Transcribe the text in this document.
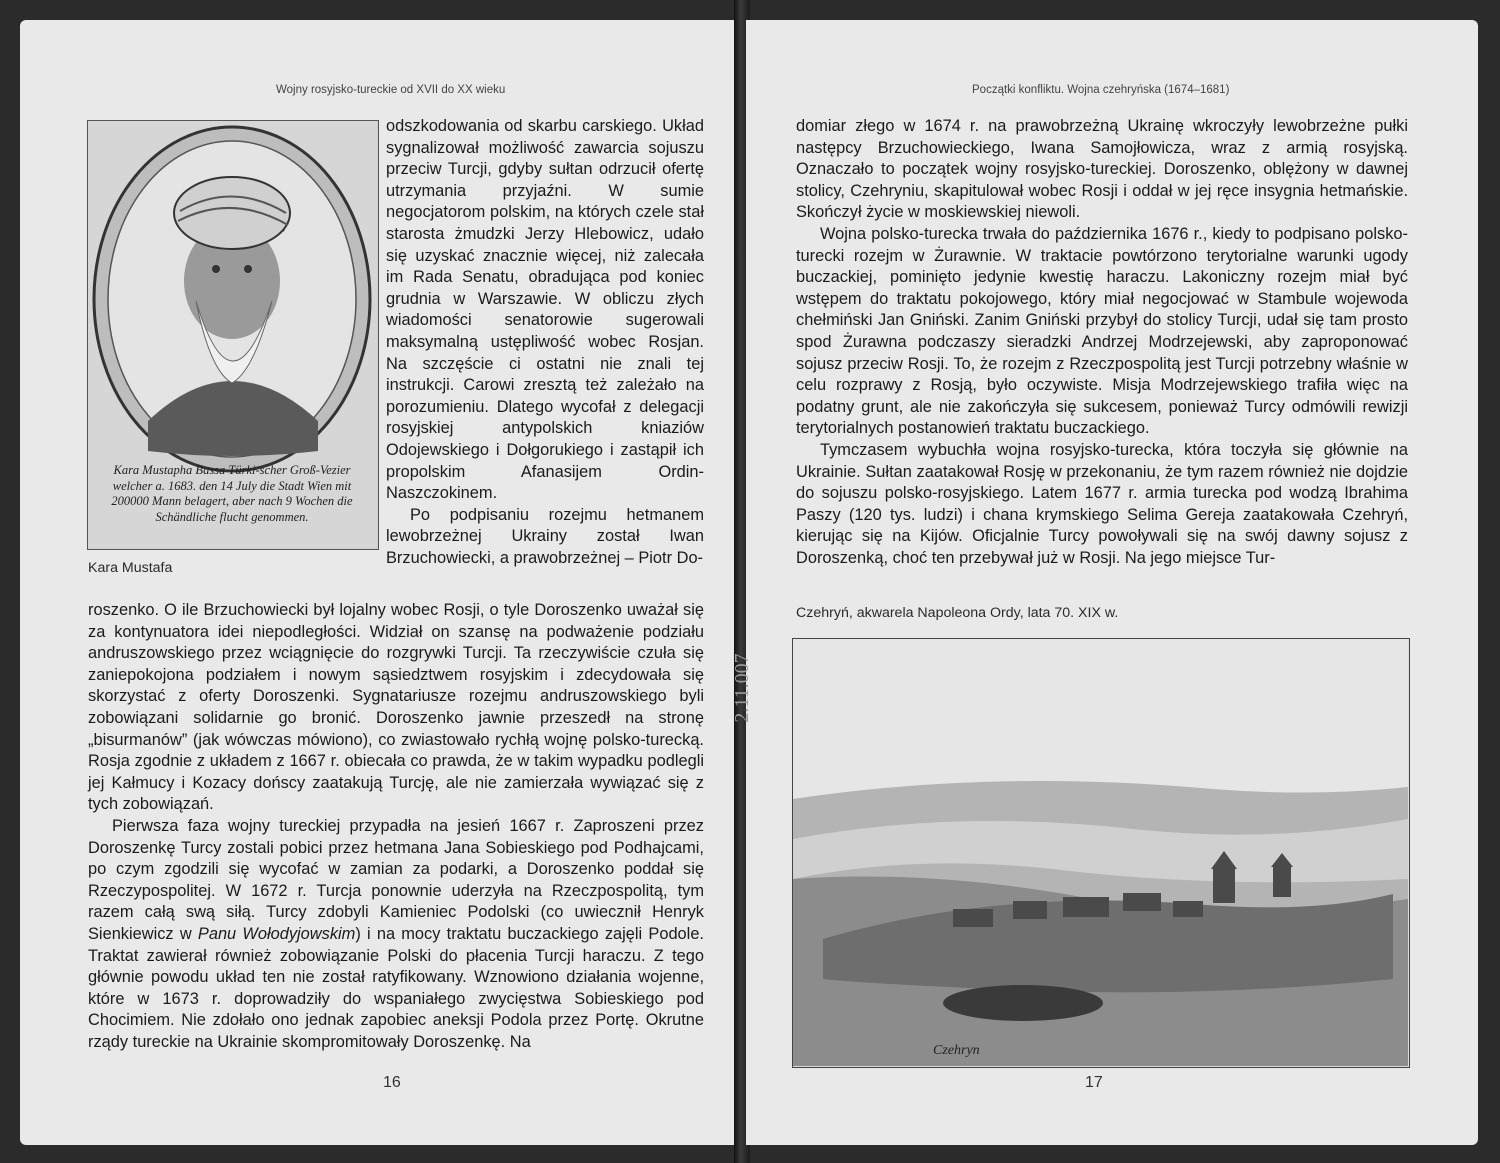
Wojny rosyjsko-tureckie od XVII do XX wieku
Kara Mustapha Bassa Türki-scher Groß-Vezier welcher a. 1683. den 14 July die Stadt Wien mit 200000 Mann belagert, aber nach 9 Wochen die Schändliche flucht genommen.
Kara Mustafa

odszkodowania od skarbu carskiego. Układ sygnalizował możliwość zawarcia sojuszu przeciw Turcji, gdyby sułtan odrzucił ofertę utrzymania przyjaźni. W sumie negocjatorom polskim, na których czele stał starosta żmudzki Jerzy Hlebowicz, udało się uzyskać znacznie więcej, niż zalecała im Rada Senatu, obradująca pod koniec grudnia w Warszawie. W obliczu złych wiadomości senatorowie sugerowali maksymalną ustępliwość wobec Rosjan. Na szczęście ci ostatni nie znali tej instrukcji. Carowi zresztą też zależało na porozumieniu. Dlatego wycofał z delegacji rosyjskiej antypolskich kniaziów Odojewskiego i Dołgorukiego i zastąpił ich propolskim Afanasijem Ordin-Naszczokinem.

Po podpisaniu rozejmu hetmanem lewobrzeżnej Ukrainy został Iwan Brzuchowiecki, a prawobrzeżnej – Piotr Do-

roszenko. O ile Brzuchowiecki był lojalny wobec Rosji, o tyle Doroszenko uważał się za kontynuatora idei niepodległości. Widział on szansę na podważenie podziału andruszowskiego przez wciągnięcie do rozgrywki Turcji. Ta rzeczywiście czuła się zaniepokojona podziałem i nowym sąsiedztwem rosyjskim i zdecydowała się skorzystać z oferty Doroszenki. Sygnatariusze rozejmu andruszowskiego byli zobowiązani solidarnie go bronić. Doroszenko jawnie przeszedł na stronę „bisurmanów” (jak wówczas mówiono), co zwiastowało rychłą wojnę polsko-turecką. Rosja zgodnie z układem z 1667 r. obiecała co prawda, że w takim wypadku podlegli jej Kałmucy i Kozacy dońscy zaatakują Turcję, ale nie zamierzała wywiązać się z tych zobowiązań.

Pierwsza faza wojny tureckiej przypadła na jesień 1667 r. Zaproszeni przez Doroszenkę Turcy zostali pobici przez hetmana Jana Sobieskiego pod Podhajcami, po czym zgodzili się wycofać w zamian za podarki, a Doroszenko poddał się Rzeczypospolitej. W 1672 r. Turcja ponownie uderzyła na Rzeczpospolitą, tym razem całą swą siłą. Turcy zdobyli Kamieniec Podolski (co uwiecznił Henryk Sienkiewicz w Panu Wołodyjowskim) i na mocy traktatu buczackiego zajęli Podole. Traktat zawierał również zobowiązanie Polski do płacenia Turcji haraczu. Z tego głównie powodu układ ten nie został ratyfikowany. Wznowiono działania wojenne, które w 1673 r. doprowadziły do wspaniałego zwycięstwa Sobieskiego pod Chocimiem. Nie zdołało ono jednak zapobiec aneksji Podola przez Portę. Okrutne rządy tureckie na Ukrainie skompromitowały Doroszenkę. Na

16
Początki konfliktu. Wojna czehryńska (1674–1681)

domiar złego w 1674 r. na prawobrzeżną Ukrainę wkroczyły lewobrzeżne pułki następcy Brzuchowieckiego, Iwana Samojłowicza, wraz z armią rosyjską. Oznaczało to początek wojny rosyjsko-tureckiej. Doroszenko, oblężony w dawnej stolicy, Czehryniu, skapitulował wobec Rosji i oddał w jej ręce insygnia hetmańskie. Skończył życie w moskiewskiej niewoli.

Wojna polsko-turecka trwała do października 1676 r., kiedy to podpisano polsko-turecki rozejm w Żurawnie. W traktacie powtórzono terytorialne warunki ugody buczackiej, pominięto jedynie kwestię haraczu. Lakoniczny rozejm miał być wstępem do traktatu pokojowego, który miał negocjować w Stambule wojewoda chełmiński Jan Gniński. Zanim Gniński przybył do stolicy Turcji, udał się tam prosto spod Żurawna podczaszy sieradzki Andrzej Modrzejewski, aby zaproponować sojusz przeciw Rosji. To, że rozejm z Rzeczpospolitą jest Turcji potrzebny właśnie w celu rozprawy z Rosją, było oczywiste. Misja Modrzejewskiego trafiła więc na podatny grunt, ale nie zakończyła się sukcesem, ponieważ Turcy odmówili rewizji terytorialnych postanowień traktatu buczackiego.

Tymczasem wybuchła wojna rosyjsko-turecka, która toczyła się głównie na Ukrainie. Sułtan zaatakował Rosję w przekonaniu, że tym razem również nie dojdzie do sojuszu polsko-rosyjskiego. Latem 1677 r. armia turecka pod wodzą Ibrahima Paszy (120 tys. ludzi) i chana krymskiego Selima Gereja zaatakowała Czehryń, kierując się na Kijów. Oficjalnie Turcy powoływali się na swój dawny sojusz z Doroszenką, choć ten przebywał już w Rosji. Na jego miejsce Tur-

Czehryń, akwarela Napoleona Ordy, lata 70. XIX w.
Czehryn
17
2.11.007
